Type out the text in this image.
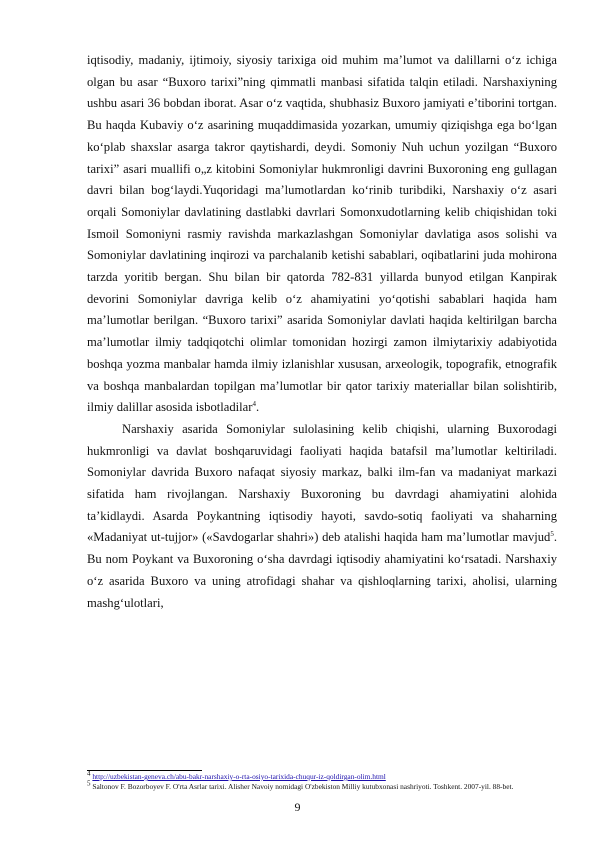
iqtisodiy, madaniy, ijtimoiy, siyosiy tarixiga oid muhim ma’lumot va dalillarni o‘z ichiga olgan bu asar “Buxoro tarixi”ning qimmatli manbasi sifatida talqin etiladi. Narshaxiyning ushbu asari 36 bobdan iborat. Asar o‘z vaqtida, shubhasiz Buxoro jamiyati e’tiborini tortgan. Bu haqda Kubaviy o‘z asarining muqaddimasida yozarkan, umumiy qiziqishga ega bo‘lgan ko‘plab shaxslar asarga takror qaytishardi, deydi. Somoniy Nuh uchun yozilgan “Buxoro tarixi” asari muallifi o„z kitobini Somoniylar hukmronligi davrini Buxoroning eng gullagan davri bilan bog‘laydi.Yuqoridagi ma’lumotlardan ko‘rinib turibdiki, Narshaxiy o‘z asari orqali Somoniylar davlatining dastlabki davrlari Somonxudotlarning kelib chiqishidan toki Ismoil Somoniyni rasmiy ravishda markazlashgan Somoniylar davlatiga asos solishi va Somoniylar davlatining inqirozi va parchalanib ketishi sabablari, oqibatlarini juda mohirona tarzda yoritib bergan. Shu bilan bir qatorda 782-831 yillarda bunyod etilgan Kanpirak devorini Somoniylar davriga kelib o‘z ahamiyatini yo‘qotishi sabablari haqida ham ma’lumotlar berilgan. “Buxoro tarixi” asarida Somoniylar davlati haqida keltirilgan barcha ma’lumotlar ilmiy tadqiqotchi olimlar tomonidan hozirgi zamon ilmiytarixiy adabiyotida boshqa yozma manbalar hamda ilmiy izlanishlar xususan, arxeologik, topografik, etnografik va boshqa manbalardan topilgan ma’lumotlar bir qator tarixiy materiallar bilan solishtirib, ilmiy dalillar asosida isbotladilar$^4$.

Narshaxiy asarida Somoniylar sulolasining kelib chiqishi, ularning Buxorodagi hukmronligi va davlat boshqaruvidagi faoliyati haqida batafsil ma’lumotlar keltiriladi. Somoniylar davrida Buxoro nafaqat siyosiy markaz, balki ilm-fan va madaniyat markazi sifatida ham rivojlangan. Narshaxiy Buxoroning bu davrdagi ahamiyatini alohida ta’kidlaydi. Asarda Poykantning iqtisodiy hayoti, savdo-sotiq faoliyati va shaharning «Madaniyat ut-tujjor» («Savdogarlar shahri») deb atalishi haqida ham ma’lumotlar mavjud$^5$. Bu nom Poykant va Buxoroning o‘sha davrdagi iqtisodiy ahamiyatini ko‘rsatadi. Narshaxiy o‘z asarida Buxoro va uning atrofidagi shahar va qishloqlarning tarixi, aholisi, ularning mashg‘ulotlari,

$^4$ http://uzbekistan-geneva.ch/abu-bakr-narshaxiy-o-rta-osiyo-tarixida-chuqur-iz-qoldirgan-olim.html

$^5$ Saltonov F. Bozorboyev F. O'rta Asrlar tarixi. Alisher Navoiy nomidagi O'zbekiston Milliy kutubxonasi nashriyoti. Toshkent. 2007-yil. 88-bet.

9
